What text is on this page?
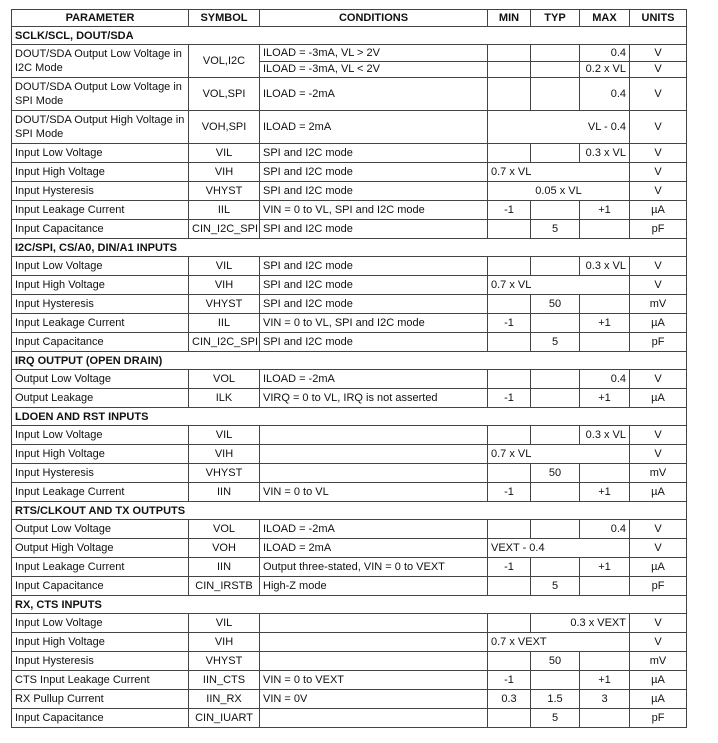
PARAMETER	SYMBOL	CONDITIONS	MIN	TYP	MAX	UNITS
SCLK/SCL, DOUT/SDA						
DOUT/SDA Output Low Voltage in I2C Mode	VOL,I2C	ILOAD = -3mA, VL > 2V			0.4	V
		ILOAD = -3mA, VL < 2V			0.2 x VL	V
DOUT/SDA Output Low Voltage in SPI Mode	VOL,SPI	ILOAD = -2mA			0.4	V
DOUT/SDA Output High Voltage in SPI Mode	VOH,SPI	ILOAD = 2mA	VL - 0.4			V
Input Low Voltage	VIL	SPI and I2C mode			0.3 x VL	V
Input High Voltage	VIH	SPI and I2C mode	0.7 x VL			V
Input Hysteresis	VHYST	SPI and I2C mode	0.05 x VL			V
Input Leakage Current	IIL	VIN = 0 to VL, SPI and I2C mode	-1		+1	µA
Input Capacitance	CIN_I2C_SPI	SPI and I2C mode		5		pF
I2C/SPI, CS/A0, DIN/A1 INPUTS						
Input Low Voltage	VIL	SPI and I2C mode			0.3 x VL	V
Input High Voltage	VIH	SPI and I2C mode	0.7 x VL			V
Input Hysteresis	VHYST	SPI and I2C mode		50		mV
Input Leakage Current	IIL	VIN = 0 to VL, SPI and I2C mode	-1		+1	µA
Input Capacitance	CIN_I2C_SPI	SPI and I2C mode		5		pF
IRQ OUTPUT (OPEN DRAIN)						
Output Low Voltage	VOL	ILOAD = -2mA			0.4	V
Output Leakage	ILK	VIRQ = 0 to VL, IRQ is not asserted	-1		+1	µA
LDOEN AND RST INPUTS						
Input Low Voltage	VIL				0.3 x VL	V
Input High Voltage	VIH		0.7 x VL			V
Input Hysteresis	VHYST			50		mV
Input Leakage Current	IIN	VIN = 0 to VL	-1		+1	µA
RTS/CLKOUT AND TX OUTPUTS						
Output Low Voltage	VOL	ILOAD = -2mA			0.4	V
Output High Voltage	VOH	ILOAD = 2mA	VEXT - 0.4			V
Input Leakage Current	IIN	Output three-stated, VIN = 0 to VEXT	-1		+1	µA
Input Capacitance	CIN_IRSTB	High-Z mode		5		pF
RX, CTS INPUTS						
Input Low Voltage	VIL			0.3 x VEXT		V
Input High Voltage	VIH		0.7 x VEXT			V
Input Hysteresis	VHYST			50		mV
CTS Input Leakage Current	IIN_CTS	VIN = 0 to VEXT	-1		+1	µA
RX Pullup Current	IIN_RX	VIN = 0V	0.3	1.5	3	µA
Input Capacitance	CIN_IUART			5		pF
